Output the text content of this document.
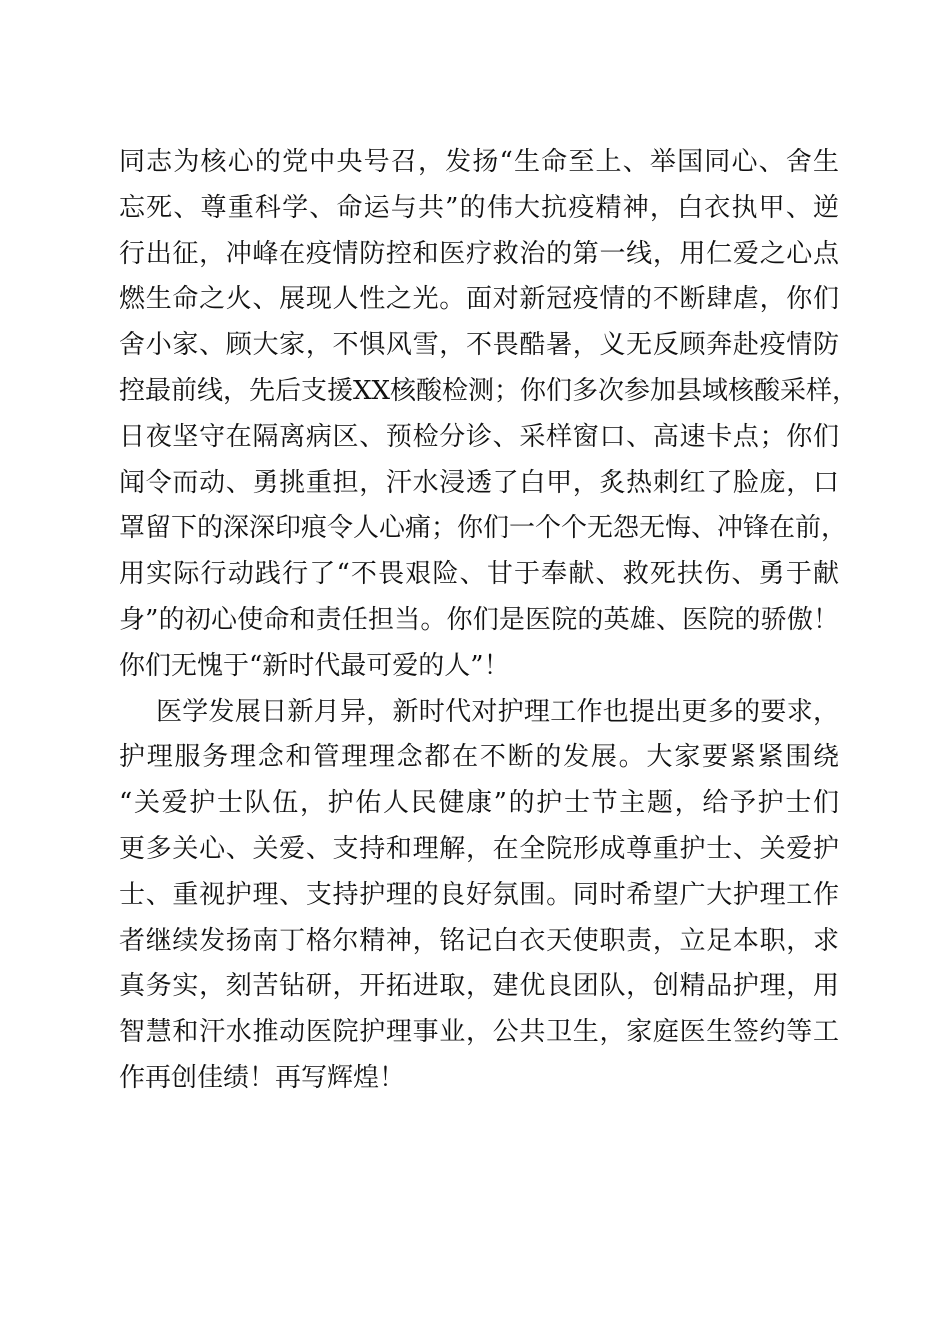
同志为核心的党中央号召，发扬“生命至上、举国同心、舍生
忘死、尊重科学、命运与共”的伟大抗疫精神，白衣执甲、逆
行出征，冲峰在疫情防控和医疗救治的第一线，用仁爱之心点
燃生命之火、展现人性之光。面对新冠疫情的不断肆虐，你们
舍小家、顾大家，不惧风雪，不畏酷暑，义无反顾奔赴疫情防
控最前线，先后支援XX核酸检测；你们多次参加县域核酸采样，
日夜坚守在隔离病区、预检分诊、采样窗口、高速卡点；你们
闻令而动、勇挑重担，汗水浸透了白甲，炙热刺红了脸庞，口
罩留下的深深印痕令人心痛；你们一个个无怨无悔、冲锋在前，
用实际行动践行了“不畏艰险、甘于奉献、救死扶伤、勇于献
身”的初心使命和责任担当。你们是医院的英雄、医院的骄傲！
你们无愧于“新时代最可爱的人”！
医学发展日新月异，新时代对护理工作也提出更多的要求，
护理服务理念和管理理念都在不断的发展。大家要紧紧围绕
“关爱护士队伍，护佑人民健康”的护士节主题，给予护士们
更多关心、关爱、支持和理解，在全院形成尊重护士、关爱护
士、重视护理、支持护理的良好氛围。同时希望广大护理工作
者继续发扬南丁格尔精神，铭记白衣天使职责，立足本职，求
真务实，刻苦钻研，开拓进取，建优良团队，创精品护理，用
智慧和汗水推动医院护理事业，公共卫生，家庭医生签约等工
作再创佳绩！再写辉煌！
